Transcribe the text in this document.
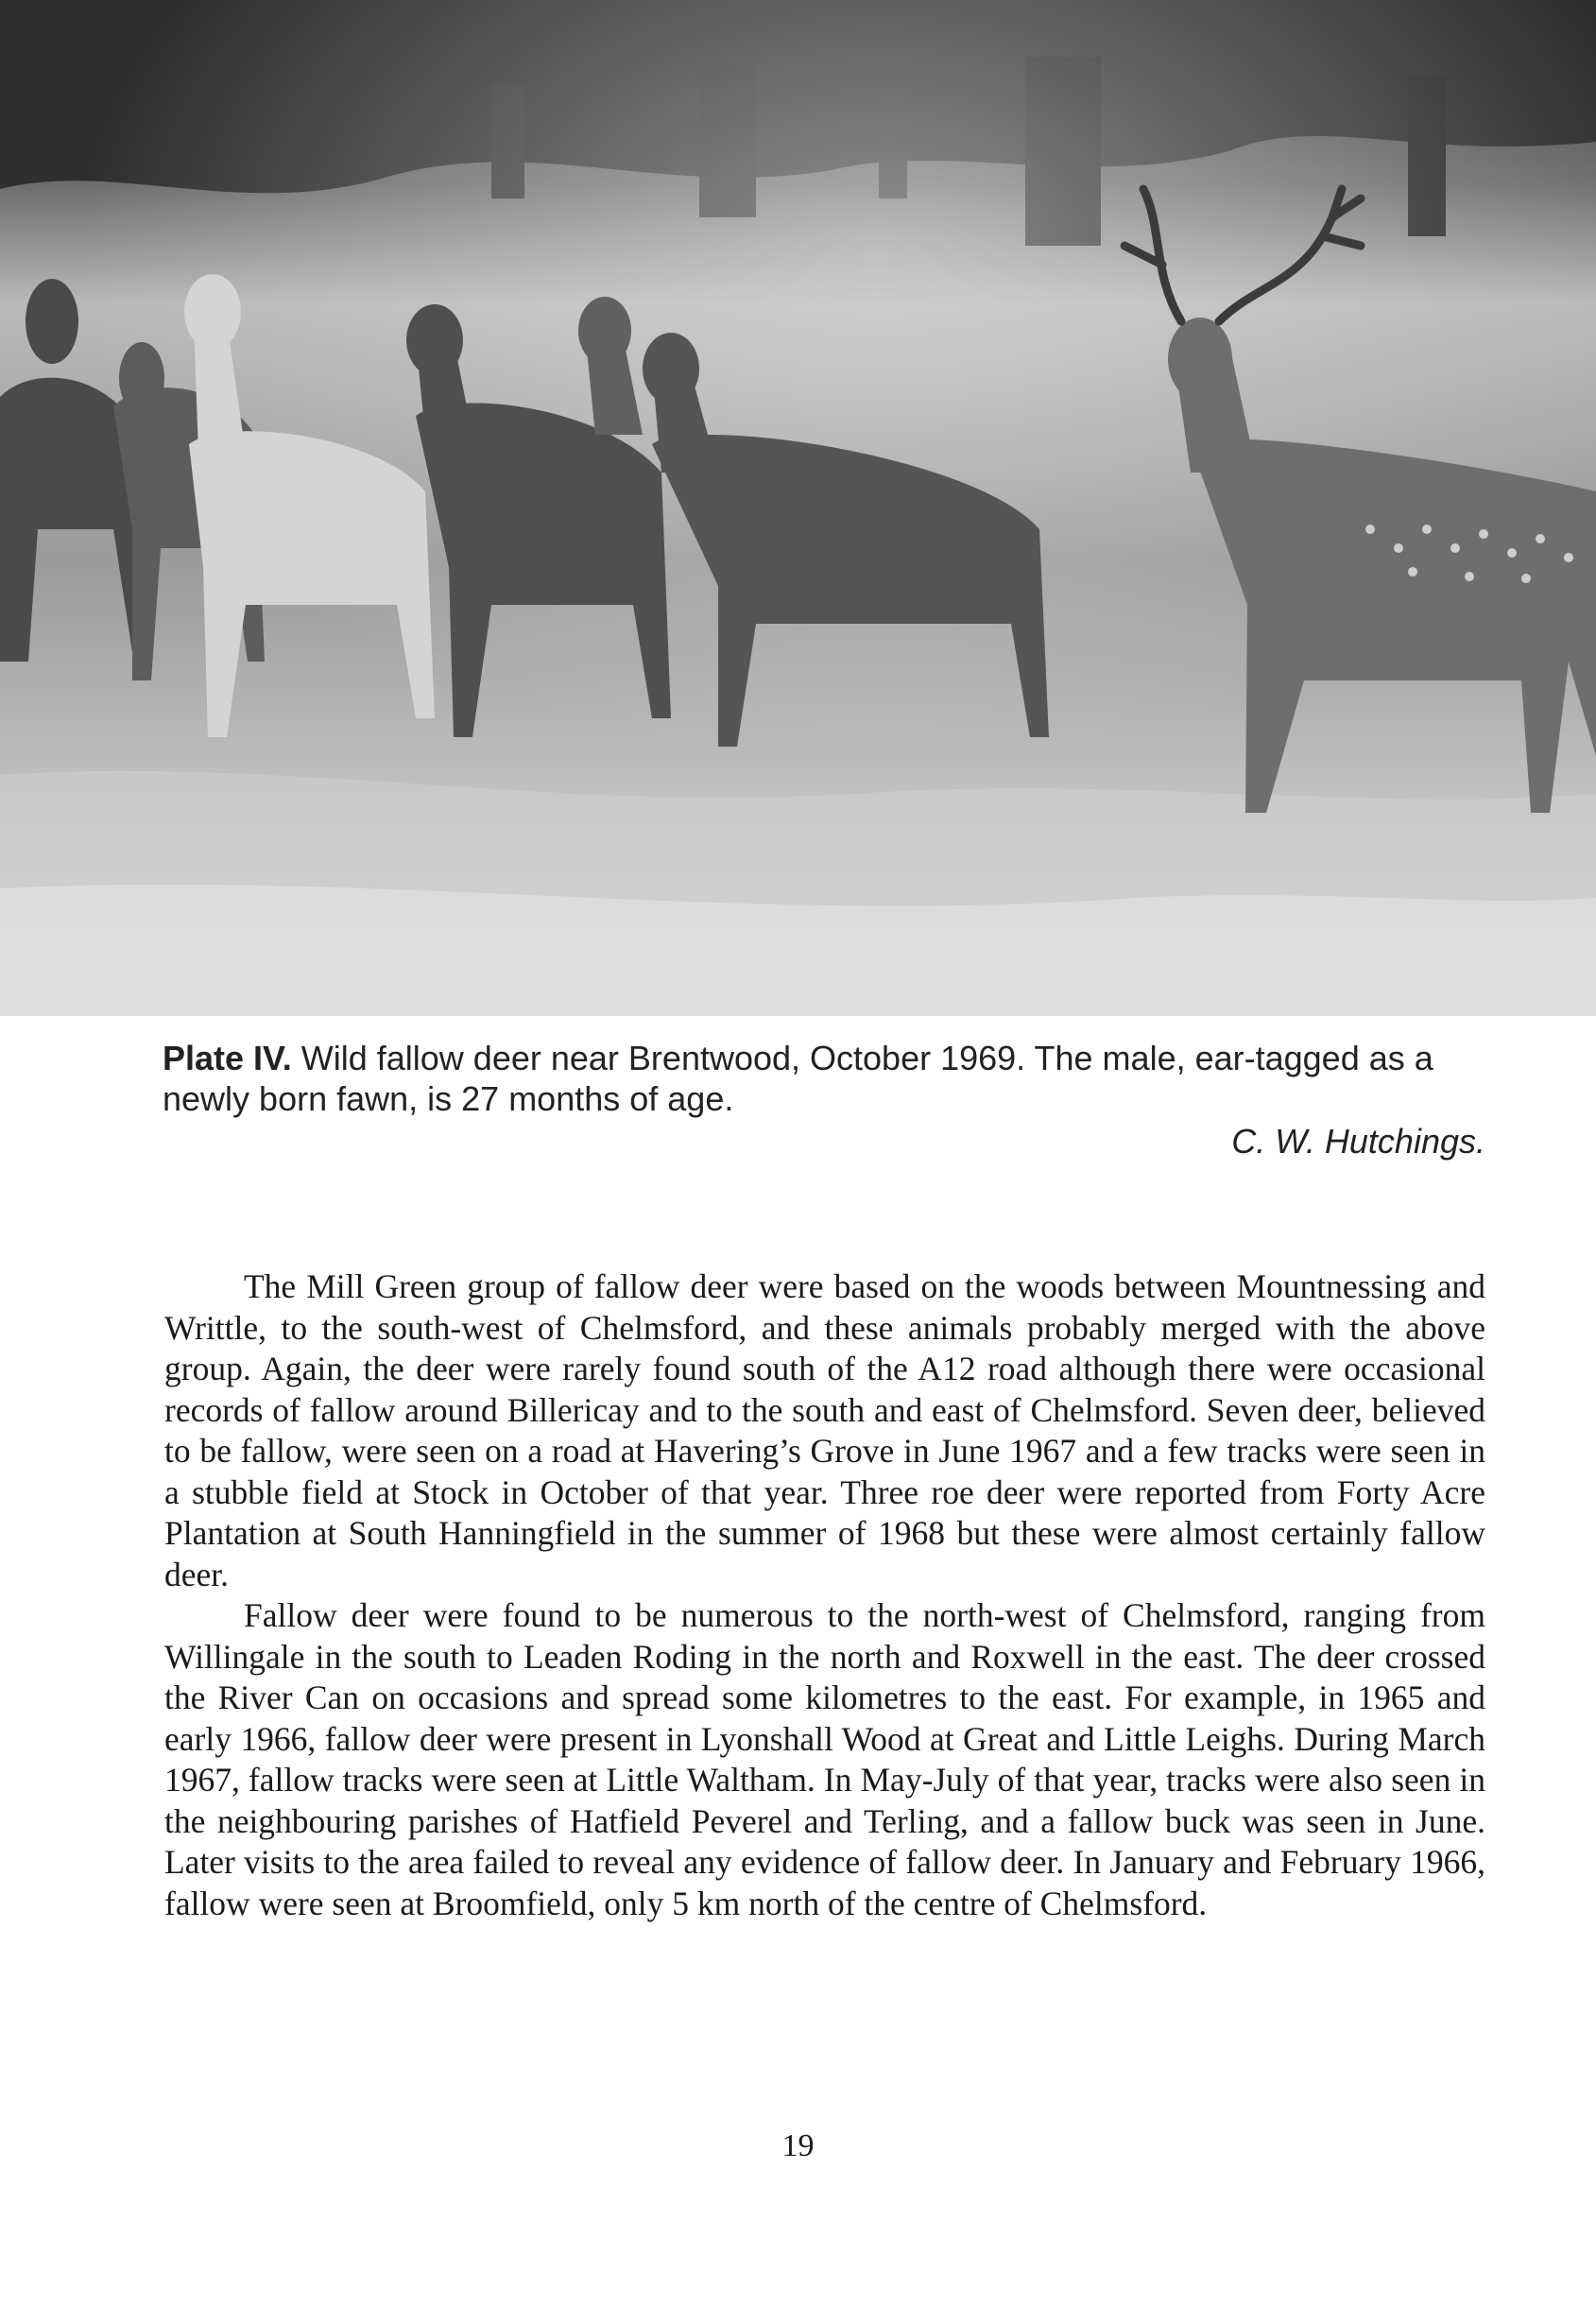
Plate IV. Wild fallow deer near Brentwood, October 1969. The male, ear-tagged as a newly born fawn, is 27 months of age.
C. W. Hutchings.

The Mill Green group of fallow deer were based on the woods between Mountnessing and Writtle, to the south-west of Chelmsford, and these animals probably merged with the above group. Again, the deer were rarely found south of the A12 road although there were occasional records of fallow around Billericay and to the south and east of Chelmsford. Seven deer, believed to be fallow, were seen on a road at Havering’s Grove in June 1967 and a few tracks were seen in a stubble field at Stock in October of that year. Three roe deer were reported from Forty Acre Plantation at South Hanningfield in the summer of 1968 but these were almost certainly fallow deer.

Fallow deer were found to be numerous to the north-west of Chelmsford, ranging from Willingale in the south to Leaden Roding in the north and Roxwell in the east. The deer crossed the River Can on occasions and spread some kilometres to the east. For example, in 1965 and early 1966, fallow deer were present in Lyonshall Wood at Great and Little Leighs. During March 1967, fallow tracks were seen at Little Waltham. In May-July of that year, tracks were also seen in the neighbouring parishes of Hatfield Peverel and Terling, and a fallow buck was seen in June. Later visits to the area failed to reveal any evidence of fallow deer. In January and February 1966, fallow were seen at Broomfield, only 5 km north of the centre of Chelmsford.

19
